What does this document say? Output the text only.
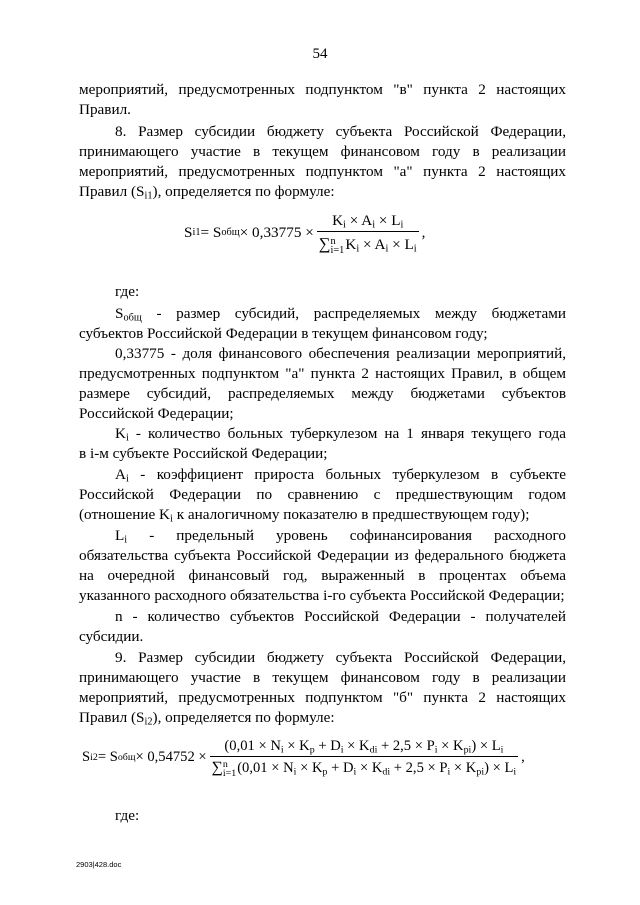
54
мероприятий, предусмотренных подпунктом "в" пункта 2 настоящих
Правил.
8. Размер субсидии бюджету субъекта Российской Федерации,
принимающего участие в текущем финансовом году в реализации
мероприятий, предусмотренных подпунктом "а" пункта 2 настоящих
Правил $(S_{i1})$, определяется по формуле:
S i1 = S общ × $0,33775 \times K_i \times A_i \times L_i$
∑ n
i=1 $K_i \times A_i \times L_i$ ,
где:
$S_{общ}$ - размер субсидий, распределяемых между бюджетами
субъектов Российской Федерации в текущем финансовом году;
0,33775 - доля финансового обеспечения реализации мероприятий,
предусмотренных подпунктом "а" пункта 2 настоящих Правил, в общем
размере субсидий, распределяемых между бюджетами субъектов
Российской Федерации;
$K_i$ - количество больных туберкулезом на 1 января текущего года
в i-м субъекте Российской Федерации;
$A_i$ - коэффициент прироста больных туберкулезом в субъекте
Российской Федерации по сравнению с предшествующим годом
(отношение $K_i$ к аналогичному показателю в предшествующем году);
$L_i$ - предельный уровень софинансирования расходного
обязательства субъекта Российской Федерации из федерального бюджета
на очередной финансовый год, выраженный в процентах объема
указанного расходного обязательства i-го субъекта Российской Федерации;
n - количество субъектов Российской Федерации - получателей
субсидии.
9. Размер субсидии бюджету субъекта Российской Федерации,
принимающего участие в текущем финансовом году в реализации
мероприятий, предусмотренных подпунктом "б" пункта 2 настоящих
Правил $(S_{i2})$, определяется по формуле:
S i2 = S общ × $0,54752 \times (0,01 \times N_i \times K_p + D_i \times K_{di} + 2,5 \times P_i \times K_{pi}) \times L_i$
∑ n
i=1 $(0,01 \times N_i \times K_p + D_i \times K_{di} + 2,5 \times P_i \times K_{pi}) \times L_i$ ,
где:
2903|428.doc
